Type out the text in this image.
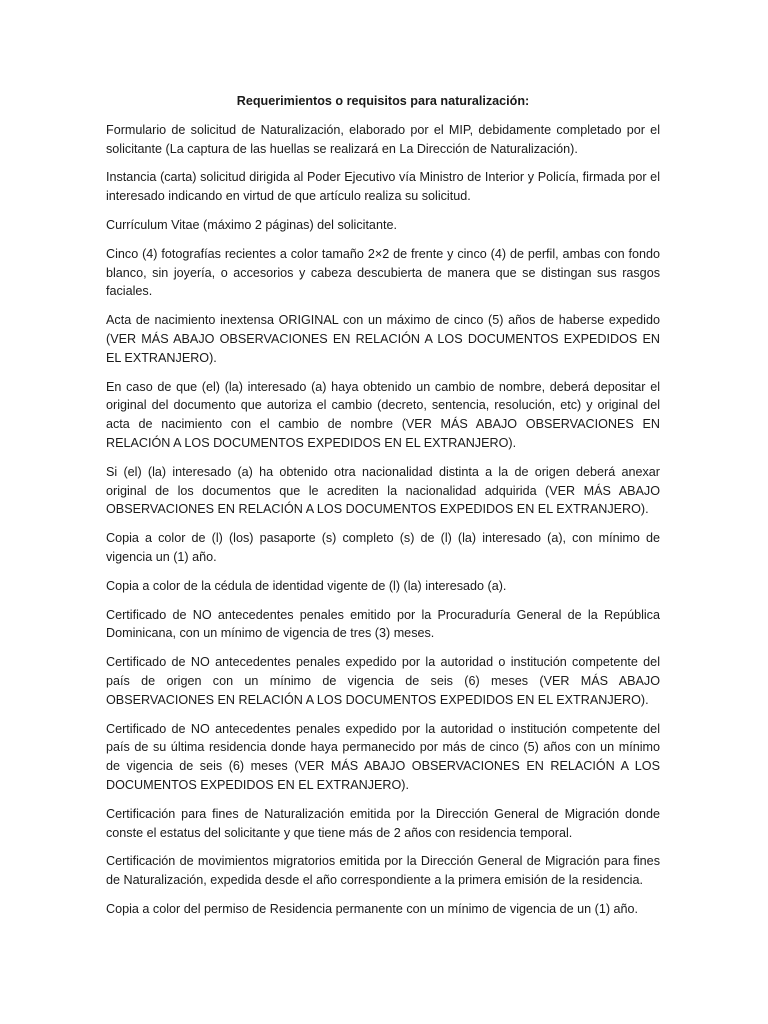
Requerimientos o requisitos para naturalización:

Formulario de solicitud de Naturalización, elaborado por el MIP, debidamente completado por el solicitante (La captura de las huellas se realizará en La Dirección de Naturalización).

Instancia (carta) solicitud dirigida al Poder Ejecutivo vía Ministro de Interior y Policía, firmada por el interesado indicando en virtud de que artículo realiza su solicitud.

Currículum Vitae (máximo 2 páginas) del solicitante.

Cinco (4) fotografías recientes a color tamaño 2×2 de frente y cinco (4) de perfil, ambas con fondo blanco, sin joyería, o accesorios y cabeza descubierta de manera que se distingan sus rasgos faciales.

Acta de nacimiento inextensa ORIGINAL con un máximo de cinco (5) años de haberse expedido (VER MÁS ABAJO OBSERVACIONES EN RELACIÓN A LOS DOCUMENTOS EXPEDIDOS EN EL EXTRANJERO).

En caso de que (el) (la) interesado (a) haya obtenido un cambio de nombre, deberá depositar el original del documento que autoriza el cambio (decreto, sentencia, resolución, etc) y original del acta de nacimiento con el cambio de nombre (VER MÁS ABAJO OBSERVACIONES EN RELACIÓN A LOS DOCUMENTOS EXPEDIDOS EN EL EXTRANJERO).

Si (el) (la) interesado (a) ha obtenido otra nacionalidad distinta a la de origen deberá anexar original de los documentos que le acrediten la nacionalidad adquirida (VER MÁS ABAJO OBSERVACIONES EN RELACIÓN A LOS DOCUMENTOS EXPEDIDOS EN EL EXTRANJERO).

Copia a color de (l) (los) pasaporte (s) completo (s) de (l) (la) interesado (a), con mínimo de vigencia un (1) año.

Copia a color de la cédula de identidad vigente de (l) (la) interesado (a).

Certificado de NO antecedentes penales emitido por la Procuraduría General de la República Dominicana, con un mínimo de vigencia de tres (3) meses.

Certificado de NO antecedentes penales expedido por la autoridad o institución competente del país de origen con un mínimo de vigencia de seis (6) meses (VER MÁS ABAJO OBSERVACIONES EN RELACIÓN A LOS DOCUMENTOS EXPEDIDOS EN EL EXTRANJERO).

Certificado de NO antecedentes penales expedido por la autoridad o institución competente del país de su última residencia donde haya permanecido por más de cinco (5) años con un mínimo de vigencia de seis (6) meses (VER MÁS ABAJO OBSERVACIONES EN RELACIÓN A LOS DOCUMENTOS EXPEDIDOS EN EL EXTRANJERO).

Certificación para fines de Naturalización emitida por la Dirección General de Migración donde conste el estatus del solicitante y que tiene más de 2 años con residencia temporal.

Certificación de movimientos migratorios emitida por la Dirección General de Migración para fines de Naturalización, expedida desde el año correspondiente a la primera emisión de la residencia.

Copia a color del permiso de Residencia permanente con un mínimo de vigencia de un (1) año.
